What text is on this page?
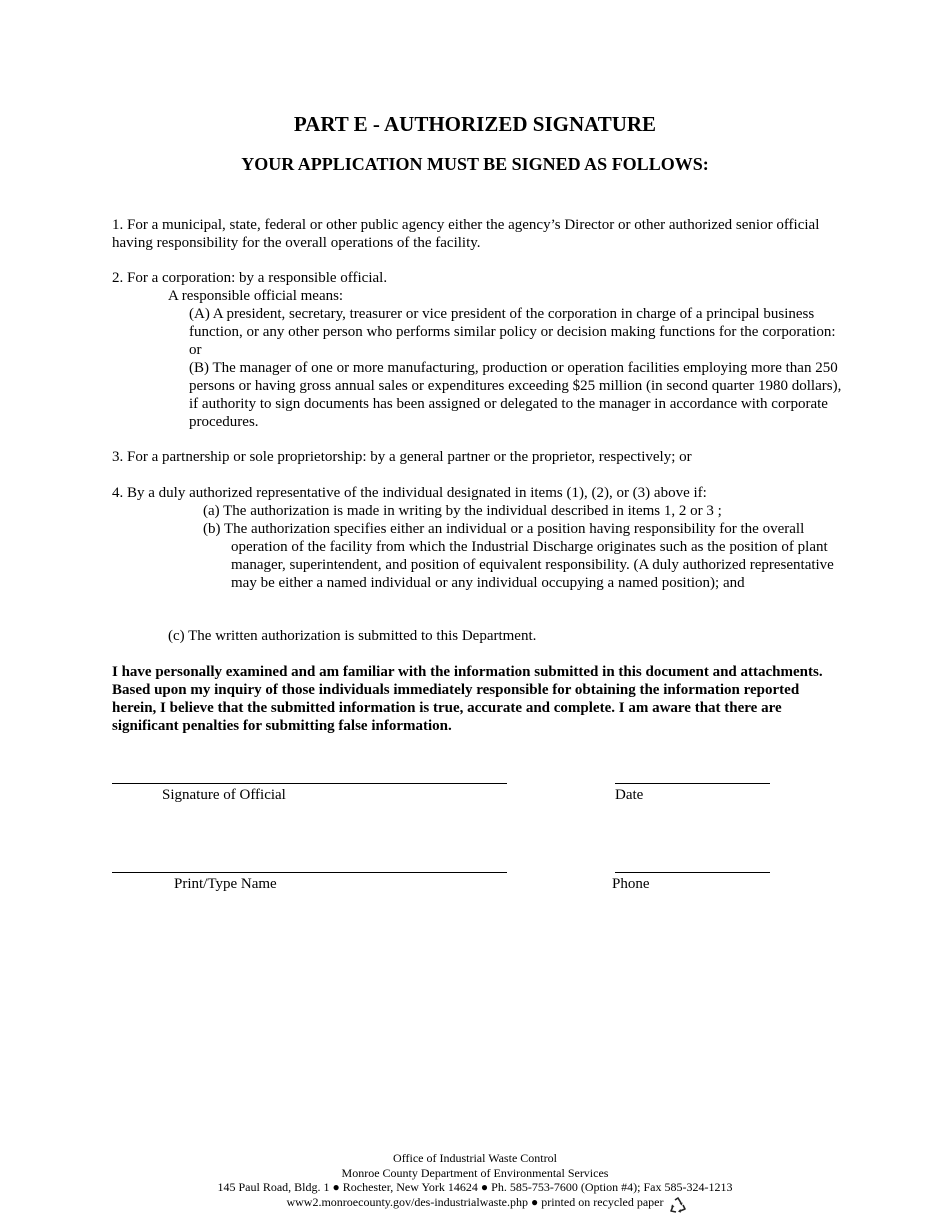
PART E - AUTHORIZED SIGNATURE
YOUR APPLICATION MUST BE SIGNED AS FOLLOWS:
1. For a municipal, state, federal or other public agency either the agency’s Director or other authorized senior official having responsibility for the overall operations of the facility.
2. For a corporation: by a responsible official.
A responsible official means:
(A) A president, secretary, treasurer or vice president of the corporation in charge of a principal business function, or any other person who performs similar policy or decision making functions for the corporation: or
(B) The manager of one or more manufacturing, production or operation facilities employing more than 250 persons or having gross annual sales or expenditures exceeding $25 million (in second quarter 1980 dollars), if authority to sign documents has been assigned or delegated to the manager in accordance with corporate procedures.
3. For a partnership or sole proprietorship: by a general partner or the proprietor, respectively; or
4. By a duly authorized representative of the individual designated in items (1), (2), or (3) above if:
(a) The authorization is made in writing by the individual described in items 1, 2 or 3 ;
(b) The authorization specifies either an individual or a position having responsibility for the overall operation of the facility from which the Industrial Discharge originates such as the position of plant manager, superintendent, and position of equivalent responsibility. (A duly authorized representative may be either a named individual or any individual occupying a named position); and
(c) The written authorization is submitted to this Department.
I have personally examined and am familiar with the information submitted in this document and attachments. Based upon my inquiry of those individuals immediately responsible for obtaining the information reported herein, I believe that the submitted information is true, accurate and complete. I am aware that there are significant penalties for submitting false information.
Signature of Official	Date
Print/Type Name	Phone
Office of Industrial Waste Control
Monroe County Department of Environmental Services
145 Paul Road, Bldg. 1 ● Rochester, New York 14624 ● Ph. 585-753-7600 (Option #4); Fax 585-324-1213
www2.monroecounty.gov/des-industrialwaste.php ● printed on recycled paper
